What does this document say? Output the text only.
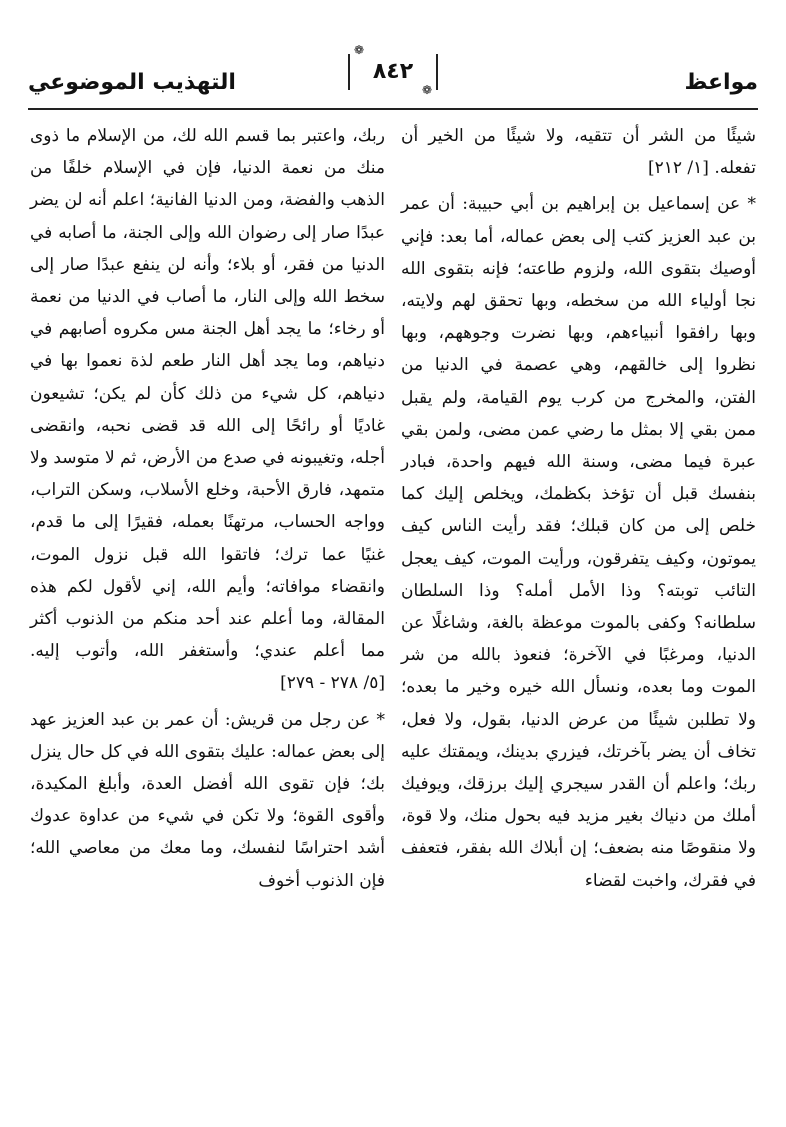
مواعظ
❁
٨٤٢
❁
التهذيب الموضوعي

شيئًا من الشر أن تتقيه، ولا شيئًا من الخير أن تفعله. [١/ ٢١٢]

* عن إسماعيل بن إبراهيم بن أبي حبيبة: أن عمر بن عبد العزيز كتب إلى بعض عماله، أما بعد: فإني أوصيك بتقوى الله، ولزوم طاعته؛ فإنه بتقوى الله نجا أولياء الله من سخطه، وبها تحقق لهم ولايته، وبها رافقوا أنبياءهم، وبها نضرت وجوههم، وبها نظروا إلى خالقهم، وهي عصمة في الدنيا من الفتن، والمخرج من كرب يوم القيامة، ولم يقبل ممن بقي إلا بمثل ما رضي عمن مضى، ولمن بقي عبرة فيما مضى، وسنة الله فيهم واحدة، فبادر بنفسك قبل أن تؤخذ بكظمك، ويخلص إليك كما خلص إلى من كان قبلك؛ فقد رأيت الناس كيف يموتون، وكيف يتفرقون، ورأيت الموت، كيف يعجل التائب توبته؟ وذا الأمل أمله؟ وذا السلطان سلطانه؟ وكفى بالموت موعظة بالغة، وشاغلًا عن الدنيا، ومرغبًا في الآخرة؛ فنعوذ بالله من شر الموت وما بعده، ونسأل الله خيره وخير ما بعده؛ ولا تطلبن شيئًا من عرض الدنيا، بقول، ولا فعل، تخاف أن يضر بآخرتك، فيزري بدينك، ويمقتك عليه ربك؛ واعلم أن القدر سيجري إليك برزقك، ويوفيك أملك من دنياك بغير مزيد فيه بحول منك، ولا قوة، ولا منقوصًا منه بضعف؛ إن أبلاك الله بفقر، فتعفف في فقرك، واخبت لقضاء

ربك، واعتبر بما قسم الله لك، من الإسلام ما ذوى منك من نعمة الدنيا، فإن في الإسلام خلفًا من الذهب والفضة، ومن الدنيا الفانية؛ اعلم أنه لن يضر عبدًا صار إلى رضوان الله وإلى الجنة، ما أصابه في الدنيا من فقر، أو بلاء؛ وأنه لن ينفع عبدًا صار إلى سخط الله وإلى النار، ما أصاب في الدنيا من نعمة أو رخاء؛ ما يجد أهل الجنة مس مكروه أصابهم في دنياهم، وما يجد أهل النار طعم لذة نعموا بها في دنياهم، كل شيء من ذلك كأن لم يكن؛ تشيعون غاديًا أو رائحًا إلى الله قد قضى نحبه، وانقضى أجله، وتغيبونه في صدع من الأرض، ثم لا متوسد ولا متمهد، فارق الأحبة، وخلع الأسلاب، وسكن التراب، وواجه الحساب، مرتهنًا بعمله، فقيرًا إلى ما قدم، غنيًا عما ترك؛ فاتقوا الله قبل نزول الموت، وانقضاء موافاته؛ وأيم الله، إني لأقول لكم هذه المقالة، وما أعلم عند أحد منكم من الذنوب أكثر مما أعلم عندي؛ وأستغفر الله، وأتوب إليه. [٥/ ٢٧٨ - ٢٧٩]

* عن رجل من قريش: أن عمر بن عبد العزيز عهد إلى بعض عماله: عليك بتقوى الله في كل حال ينزل بك؛ فإن تقوى الله أفضل العدة، وأبلغ المكيدة، وأقوى القوة؛ ولا تكن في شيء من عداوة عدوك أشد احتراسًا لنفسك، وما معك من معاصي الله؛ فإن الذنوب أخوف
